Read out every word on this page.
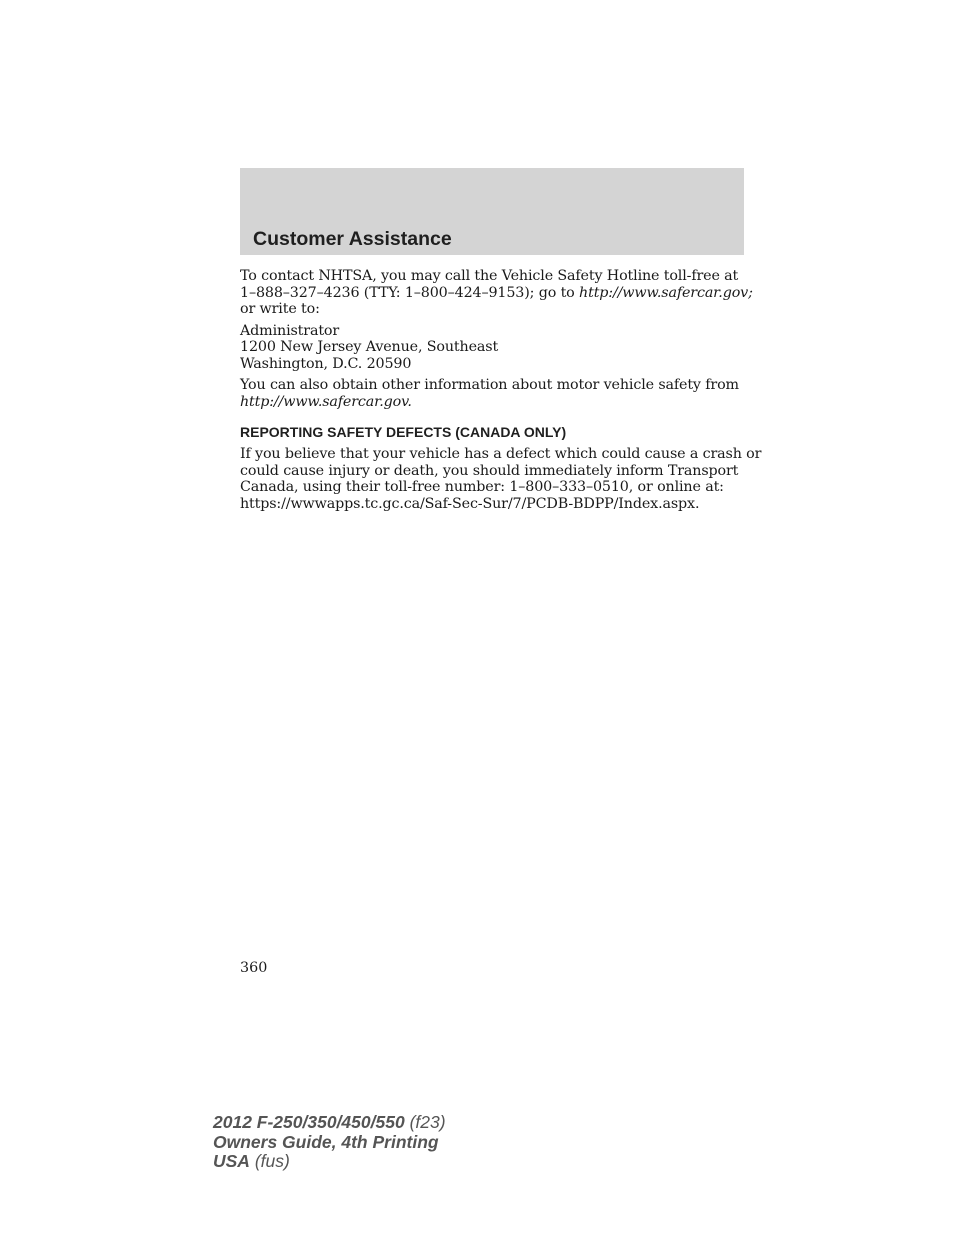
Customer Assistance

To contact NHTSA, you may call the Vehicle Safety Hotline toll-free at
1–888–327–4236 (TTY: 1–800–424–9153); go to http://www.safercar.gov;
or write to:

Administrator
1200 New Jersey Avenue, Southeast
Washington, D.C. 20590

You can also obtain other information about motor vehicle safety from
http://www.safercar.gov.

REPORTING SAFETY DEFECTS (CANADA ONLY)

If you believe that your vehicle has a defect which could cause a crash or
could cause injury or death, you should immediately inform Transport
Canada, using their toll-free number: 1–800–333–0510, or online at:
https://wwwapps.tc.gc.ca/Saf-Sec-Sur/7/PCDB-BDPP/Index.aspx.

360
2012 F-250/350/450/550 (f23)
Owners Guide, 4th Printing
USA (fus)
